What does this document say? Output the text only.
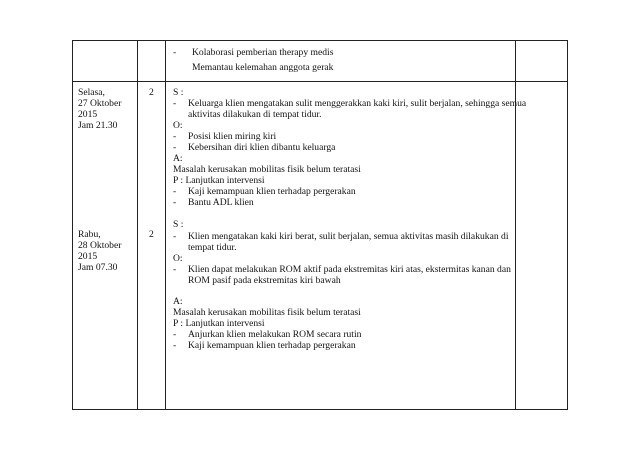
- Kolaborasi pemberian therapy medis
Memantau kelemahan anggota gerak
Selasa,
27 Oktober
2015
Jam 21.30
2 S :
- Keluarga klien mengatakan sulit menggerakkan kaki kiri, sulit berjalan, sehingga semua
aktivitas dilakukan di tempat tidur.
O:
- Posisi klien miring kiri
- Kebersihan diri klien dibantu keluarga
A:
Masalah kerusakan mobilitas fisik belum teratasi
P : Lanjutkan intervensi
- Kaji kemampuan klien terhadap pergerakan
- Bantu ADL klien
Rabu,
28 Oktober
2015
Jam 07.30
2
S :
- Klien mengatakan kaki kiri berat, sulit berjalan, semua aktivitas masih dilakukan di
tempat tidur.
O:
- Klien dapat melakukan ROM aktif pada ekstremitas kiri atas, ekstermitas kanan dan
ROM pasif pada ekstremitas kiri bawah
A:
Masalah kerusakan mobilitas fisik belum teratasi
P : Lanjutkan intervensi
- Anjurkan klien melakukan ROM secara rutin
- Kaji kemampuan klien terhadap pergerakan
